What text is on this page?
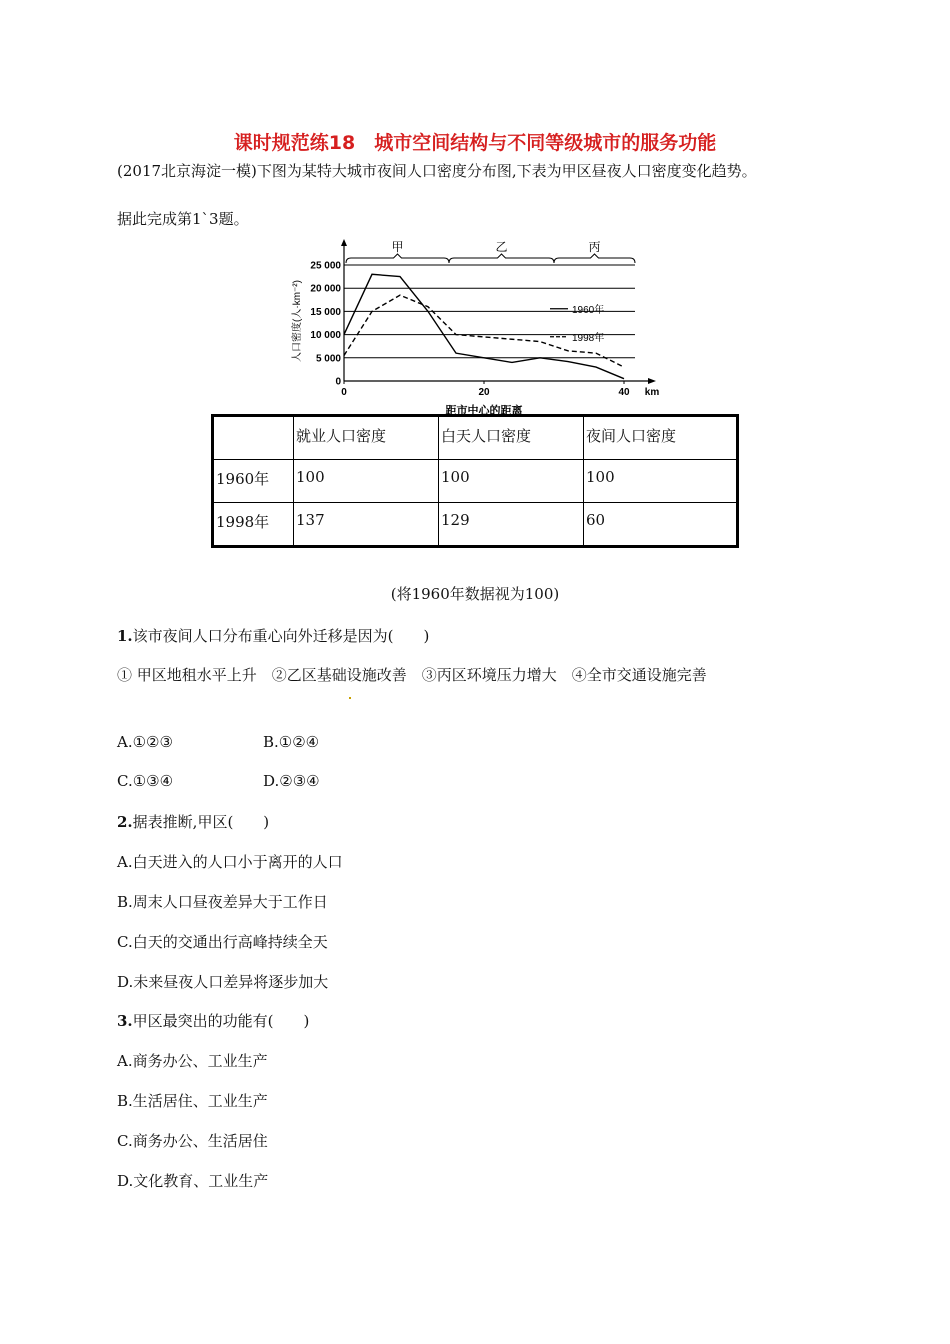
课时规范练18　城市空间结构与不同等级城市的服务功能
(2017北京海淀一模)下图为某特大城市夜间人口密度分布图,下表为甲区昼夜人口密度变化趋势。
据此完成第1`3题。
0
5 000
10 000
15 000
20 000
25 000
0	20	40 km
距市中心的距离
人口密度(人·km⁻²)
甲	乙	丙
1960年
1998年
	就业人口密度	白天人口密度	夜间人口密度
1960年	100	100	100
1998年	137	129	60
(将1960年数据视为100)
1.该市夜间人口分布重心向外迁移是因为(　　)
① 甲区地租水平上升　②乙区基础设施改善　③丙区环境压力增大　④全市交通设施完善
A.①②③	B.①②④
C.①③④	D.②③④
2.据表推断,甲区(　　)
A.白天进入的人口小于离开的人口
B.周末人口昼夜差异大于工作日
C.白天的交通出行高峰持续全天
D.未来昼夜人口差异将逐步加大
3.甲区最突出的功能有(　　)
A.商务办公、工业生产
B.生活居住、工业生产
C.商务办公、生活居住
D.文化教育、工业生产
